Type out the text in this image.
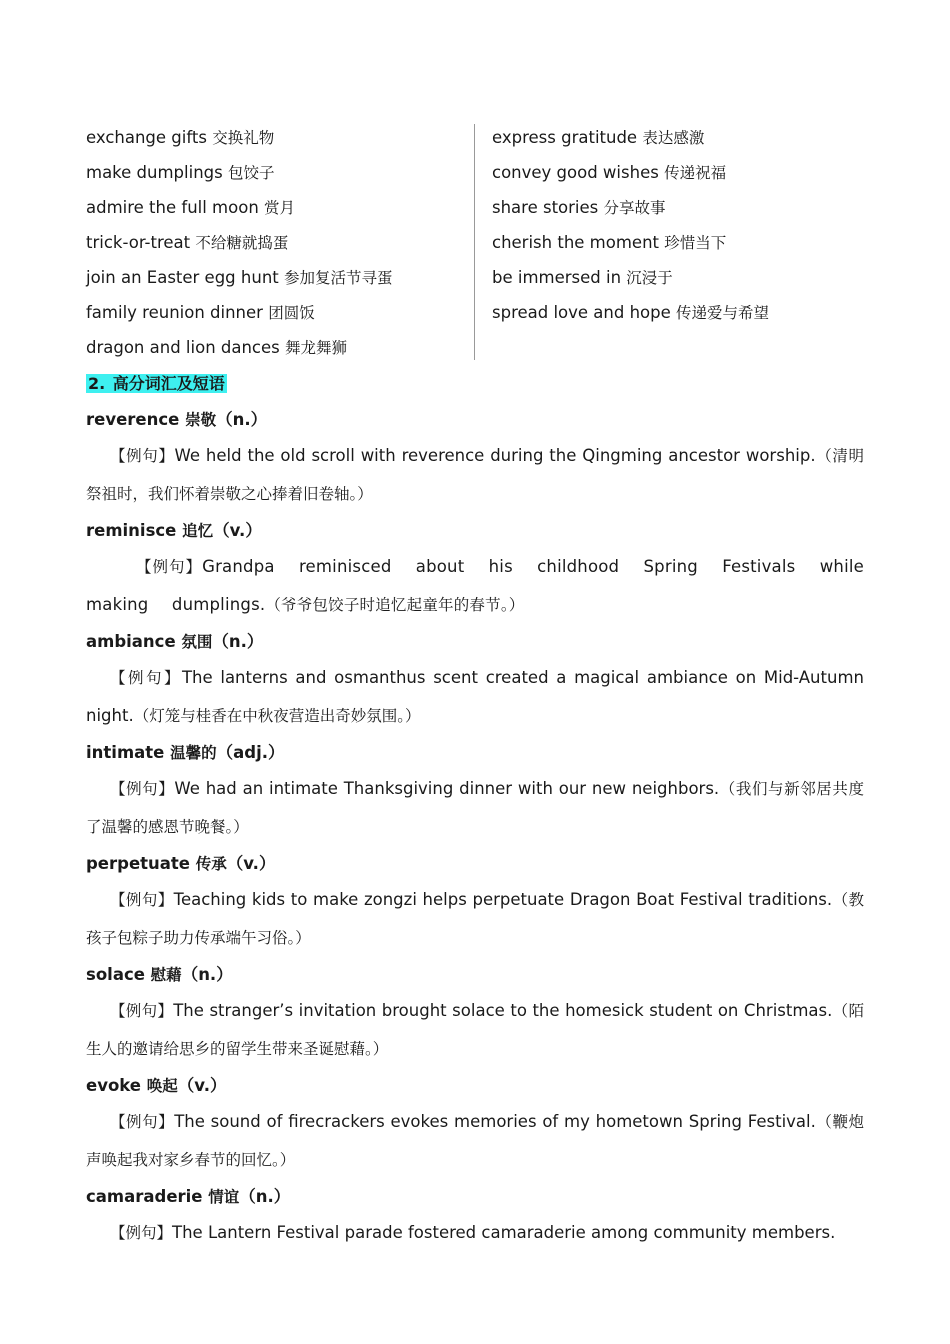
exchange gifts 交换礼物
make dumplings 包饺子
admire the full moon 赏月
trick-or-treat 不给糖就捣蛋
join an Easter egg hunt 参加复活节寻蛋
family reunion dinner 团圆饭
dragon and lion dances 舞龙舞狮
express gratitude 表达感激
convey good wishes 传递祝福
share stories 分享故事
cherish the moment 珍惜当下
be immersed in 沉浸于
spread love and hope 传递爱与希望
2. 高分词汇及短语
reverence 崇敬（n.）
【例句】We held the old scroll with reverence during the Qingming ancestor worship.（清明祭祖时，我们怀着崇敬之心捧着旧卷轴。）
reminisce 追忆（v.）
【例句】Grandpa reminisced about his childhood Spring Festivals while making dumplings.（爷爷包饺子时追忆起童年的春节。）
ambiance 氛围（n.）
【例句】The lanterns and osmanthus scent created a magical ambiance on Mid-Autumn night.（灯笼与桂香在中秋夜营造出奇妙氛围。）
intimate 温馨的（adj.）
【例句】We had an intimate Thanksgiving dinner with our new neighbors.（我们与新邻居共度了温馨的感恩节晚餐。）
perpetuate 传承（v.）
【例句】Teaching kids to make zongzi helps perpetuate Dragon Boat Festival traditions.（教孩子包粽子助力传承端午习俗。）
solace 慰藉（n.）
【例句】The stranger’s invitation brought solace to the homesick student on Christmas.（陌生人的邀请给思乡的留学生带来圣诞慰藉。）
evoke 唤起（v.）
【例句】The sound of firecrackers evokes memories of my hometown Spring Festival.（鞭炮声唤起我对家乡春节的回忆。）
camaraderie 情谊（n.）
【例句】The Lantern Festival parade fostered camaraderie among community members.
